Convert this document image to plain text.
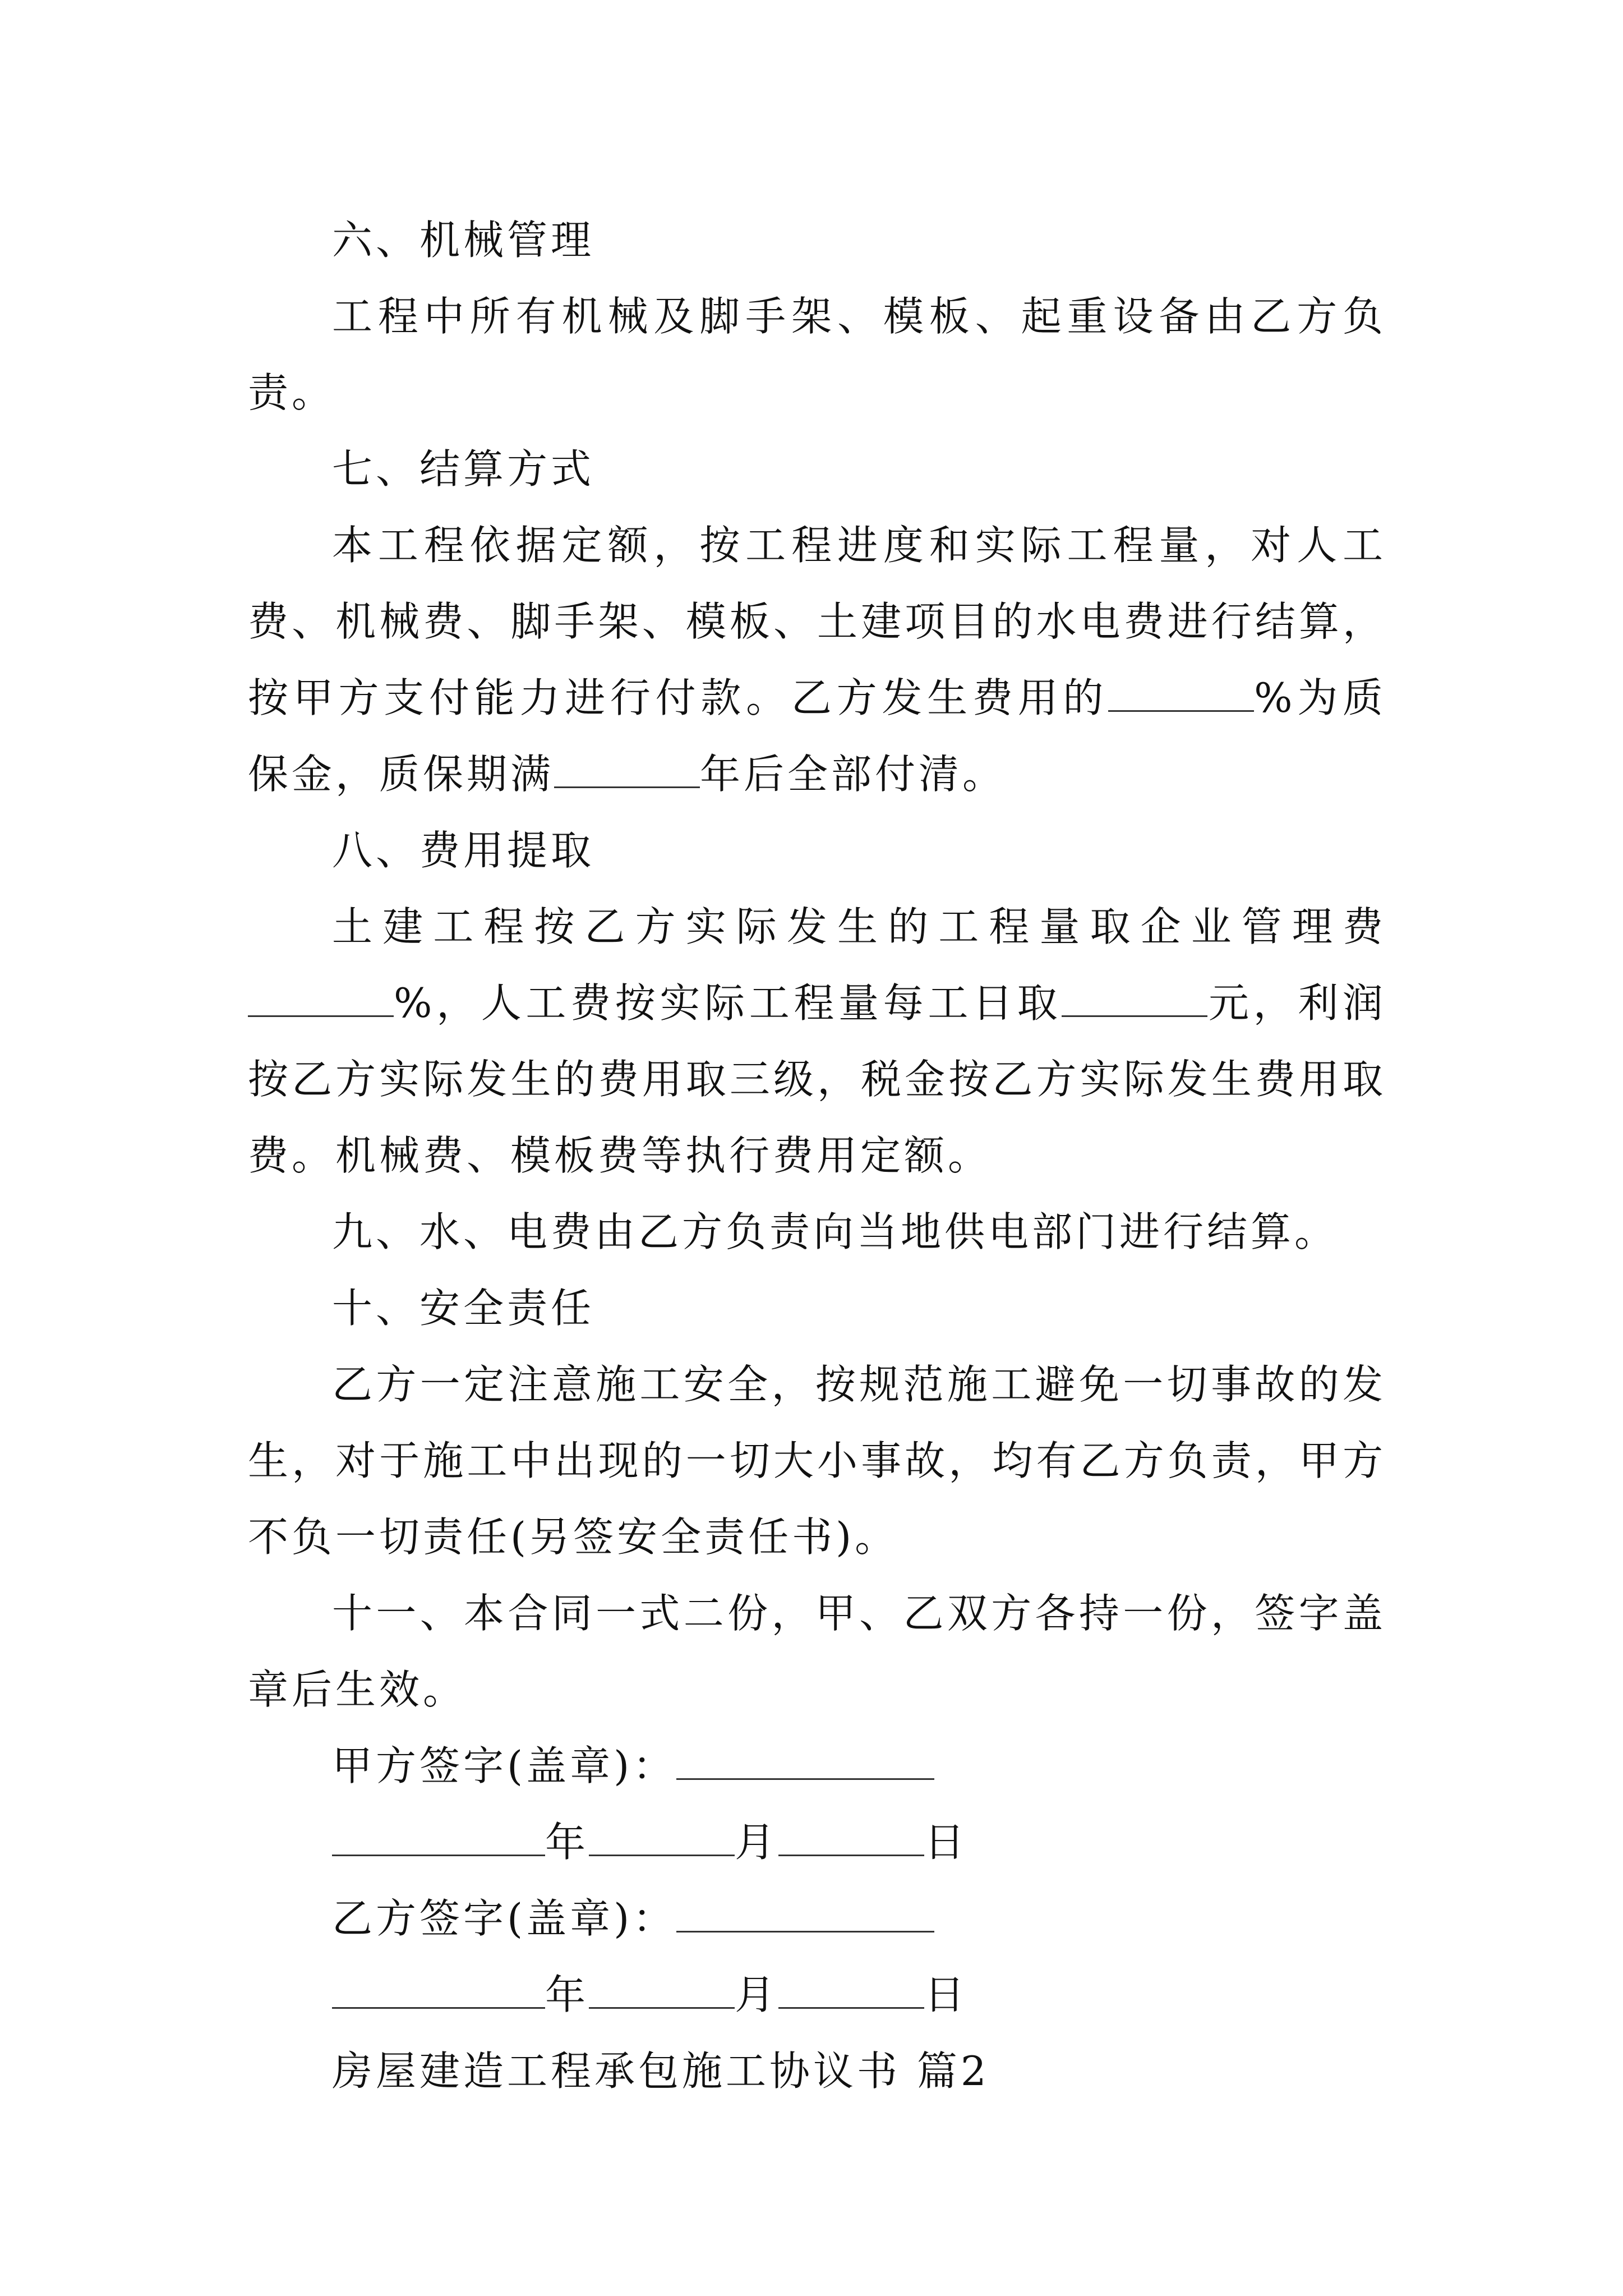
六、机械管理
工程中所有机械及脚手架、模板、起重设备由乙方负责。
七、结算方式
本工程依据定额，按工程进度和实际工程量，对人工费、机械费、脚手架、模板、土建项目的水电费进行结算，按甲方支付能力进行付款。乙方发生费用的	%为质保金，质保期满	年后全部付清。
八、费用提取
土建工程按乙方实际发生的工程量取企业管理费%，人工费按实际工程量每工日取	元，利润按乙方实际发生的费用取三级，税金按乙方实际发生费用取费。机械费、模板费等执行费用定额。
九、水、电费由乙方负责向当地供电部门进行结算。
十、安全责任
乙方一定注意施工安全，按规范施工避免一切事故的发生，对于施工中出现的一切大小事故，均有乙方负责，甲方不负一切责任(另签安全责任书)。
十一、本合同一式二份，甲、乙双方各持一份，签字盖章后生效。
甲方签字(盖章)：
年	月	日
乙方签字(盖章)：
年	月	日
房屋建造工程承包施工协议书 篇2
